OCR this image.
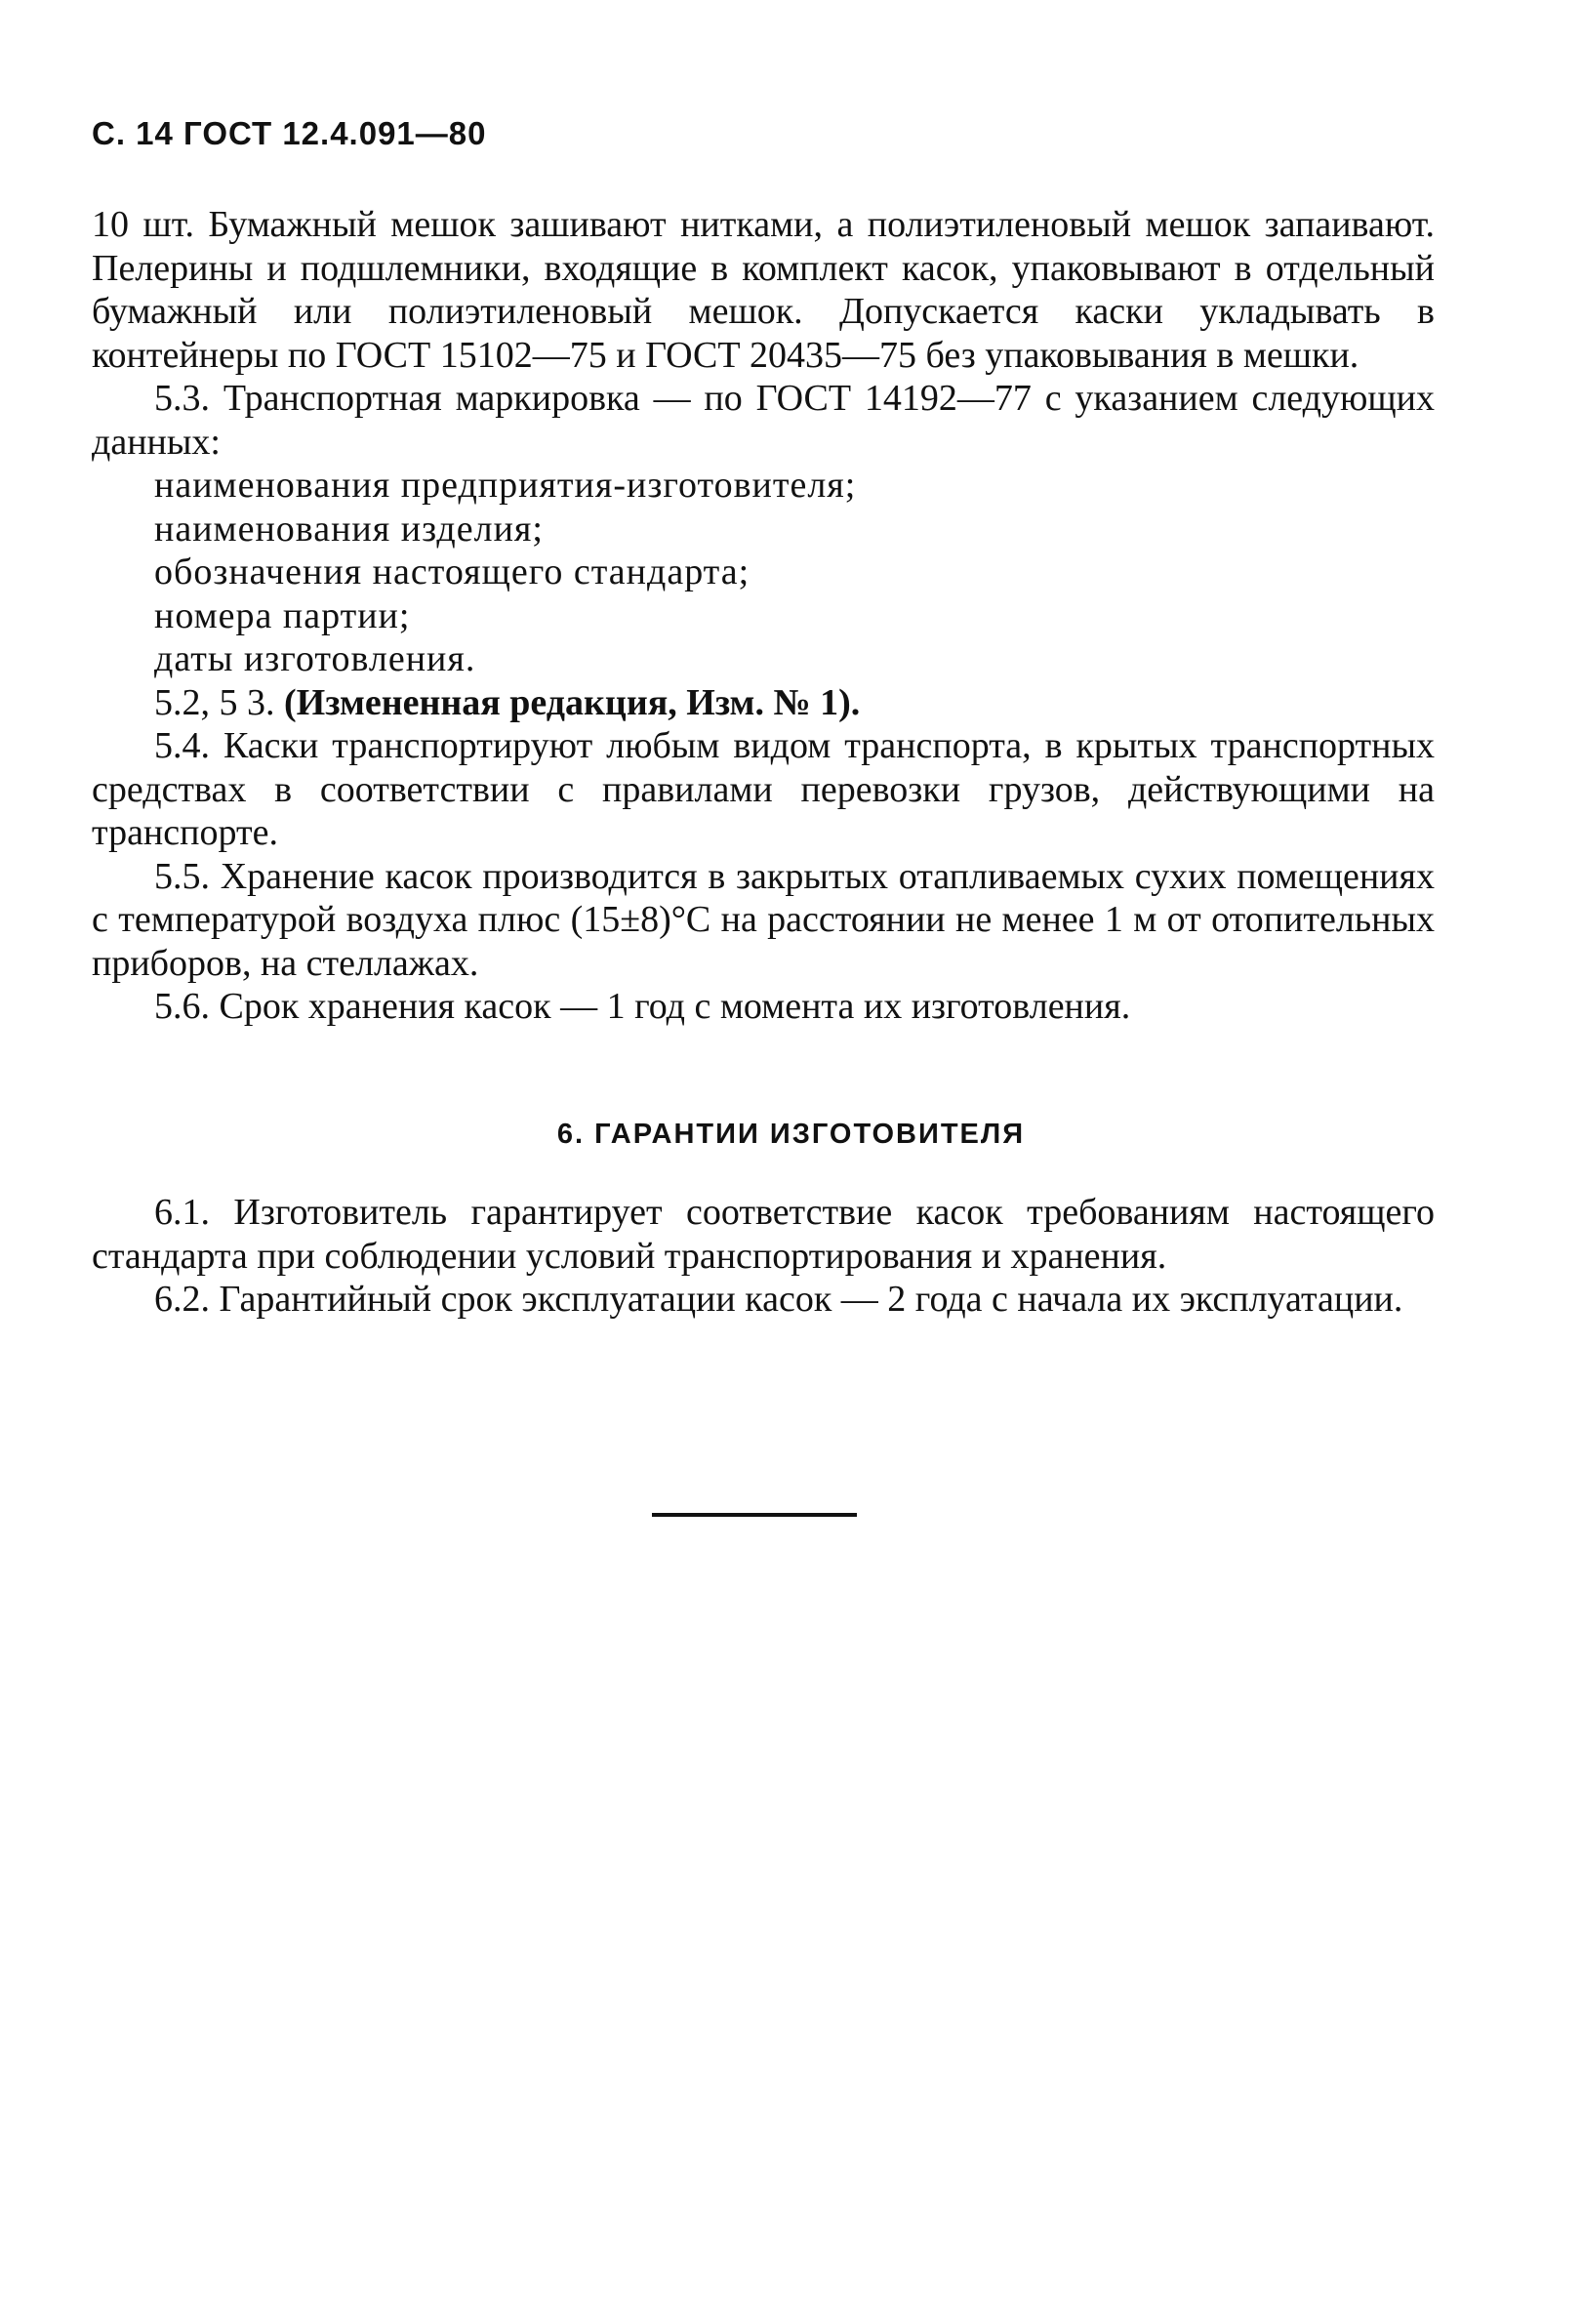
С. 14 ГОСТ 12.4.091—80

10 шт. Бумажный мешок зашивают нитками, а полиэтиленовый мешок запаивают. Пелерины и подшлемники, входящие в комплект касок, упаковывают в отдельный бумажный или полиэтиленовый мешок. Допускается каски укладывать в контейнеры по ГОСТ 15102—75 и ГОСТ 20435—75 без упаковывания в мешки.

5.3. Транспортная маркировка — по ГОСТ 14192—77 с указанием следующих данных:

наименования предприятия-изготовителя;

наименования изделия;

обозначения настоящего стандарта;

номера партии;

даты изготовления.

5.2, 5 3. (Измененная редакция, Изм. № 1).

5.4. Каски транспортируют любым видом транспорта, в крытых транспортных средствах в соответствии с правилами перевозки грузов, действующими на транспорте.

5.5. Хранение касок производится в закрытых отапливаемых сухих помещениях с температурой воздуха плюс (15±8)°С на расстоянии не менее 1 м от отопительных приборов, на стеллажах.

5.6. Срок хранения касок — 1 год с момента их изготовления.

6. ГАРАНТИИ ИЗГОТОВИТЕЛЯ

6.1. Изготовитель гарантирует соответствие касок требованиям настоящего стандарта при соблюдении условий транспортирования и хранения.

6.2. Гарантийный срок эксплуатации касок — 2 года с начала их эксплуатации.
